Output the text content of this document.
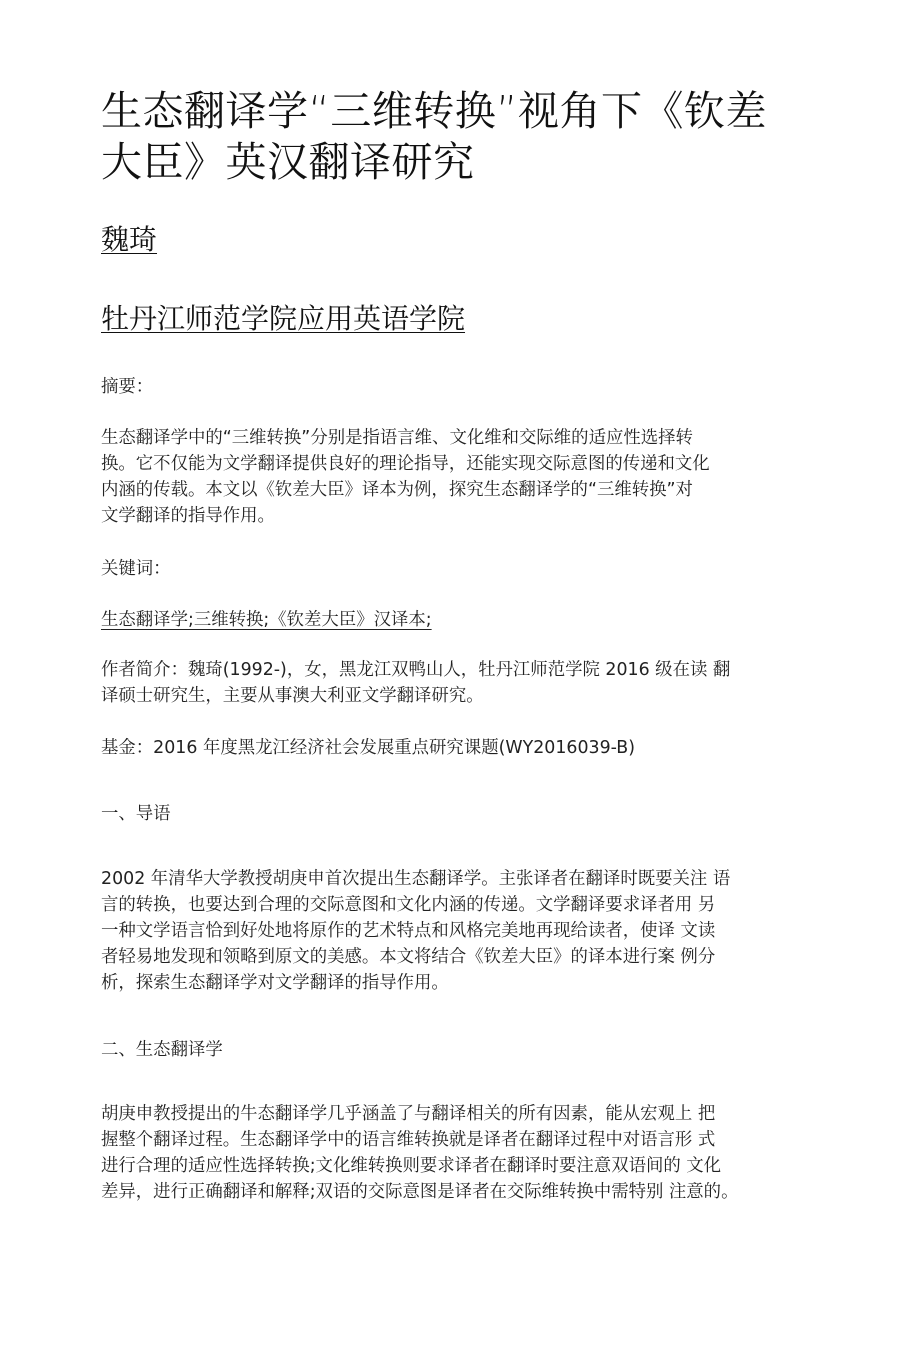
生态翻译学“三维转换”视角下《钦差
大臣》英汉翻译研究
魏琦
牡丹江师范学院应用英语学院
摘要：
生态翻译学中的“三维转换”分别是指语言维、文化维和交际维的适应性选择转
换。它不仅能为文学翻译提供良好的理论指导，还能实现交际意图的传递和文化
内涵的传载。本文以《钦差大臣》译本为例，探究生态翻译学的“三维转换”对
文学翻译的指导作用。
关键词：
生态翻译学;三维转换;《钦差大臣》汉译本;
作者简介：魏琦(1992-)，女，黑龙江双鸭山人，牡丹江师范学院 2016 级在读 翻
译硕士研究生，主要从事澳大利亚文学翻译研究。
基金：2016 年度黑龙江经济社会发展重点研究课题(WY2016039-B)
一、导语
2002 年清华大学教授胡庚申首次提出生态翻译学。主张译者在翻译时既要关注 语
言的转换，也要达到合理的交际意图和文化内涵的传递。文学翻译要求译者用 另
一种文学语言恰到好处地将原作的艺术特点和风格完美地再现给读者，使译 文读
者轻易地发现和领略到原文的美感。本文将结合《钦差大臣》的译本进行案 例分
析，探索生态翻译学对文学翻译的指导作用。
二、生态翻译学
胡庚申教授提出的牛态翻译学几乎涵盖了与翻译相关的所有因素，能从宏观上 把
握整个翻译过程。生态翻译学中的语言维转换就是译者在翻译过程中对语言形 式
进行合理的适应性选择转换;文化维转换则要求译者在翻译时要注意双语间的 文化
差异，进行正确翻译和解释;双语的交际意图是译者在交际维转换中需特别 注意的。
